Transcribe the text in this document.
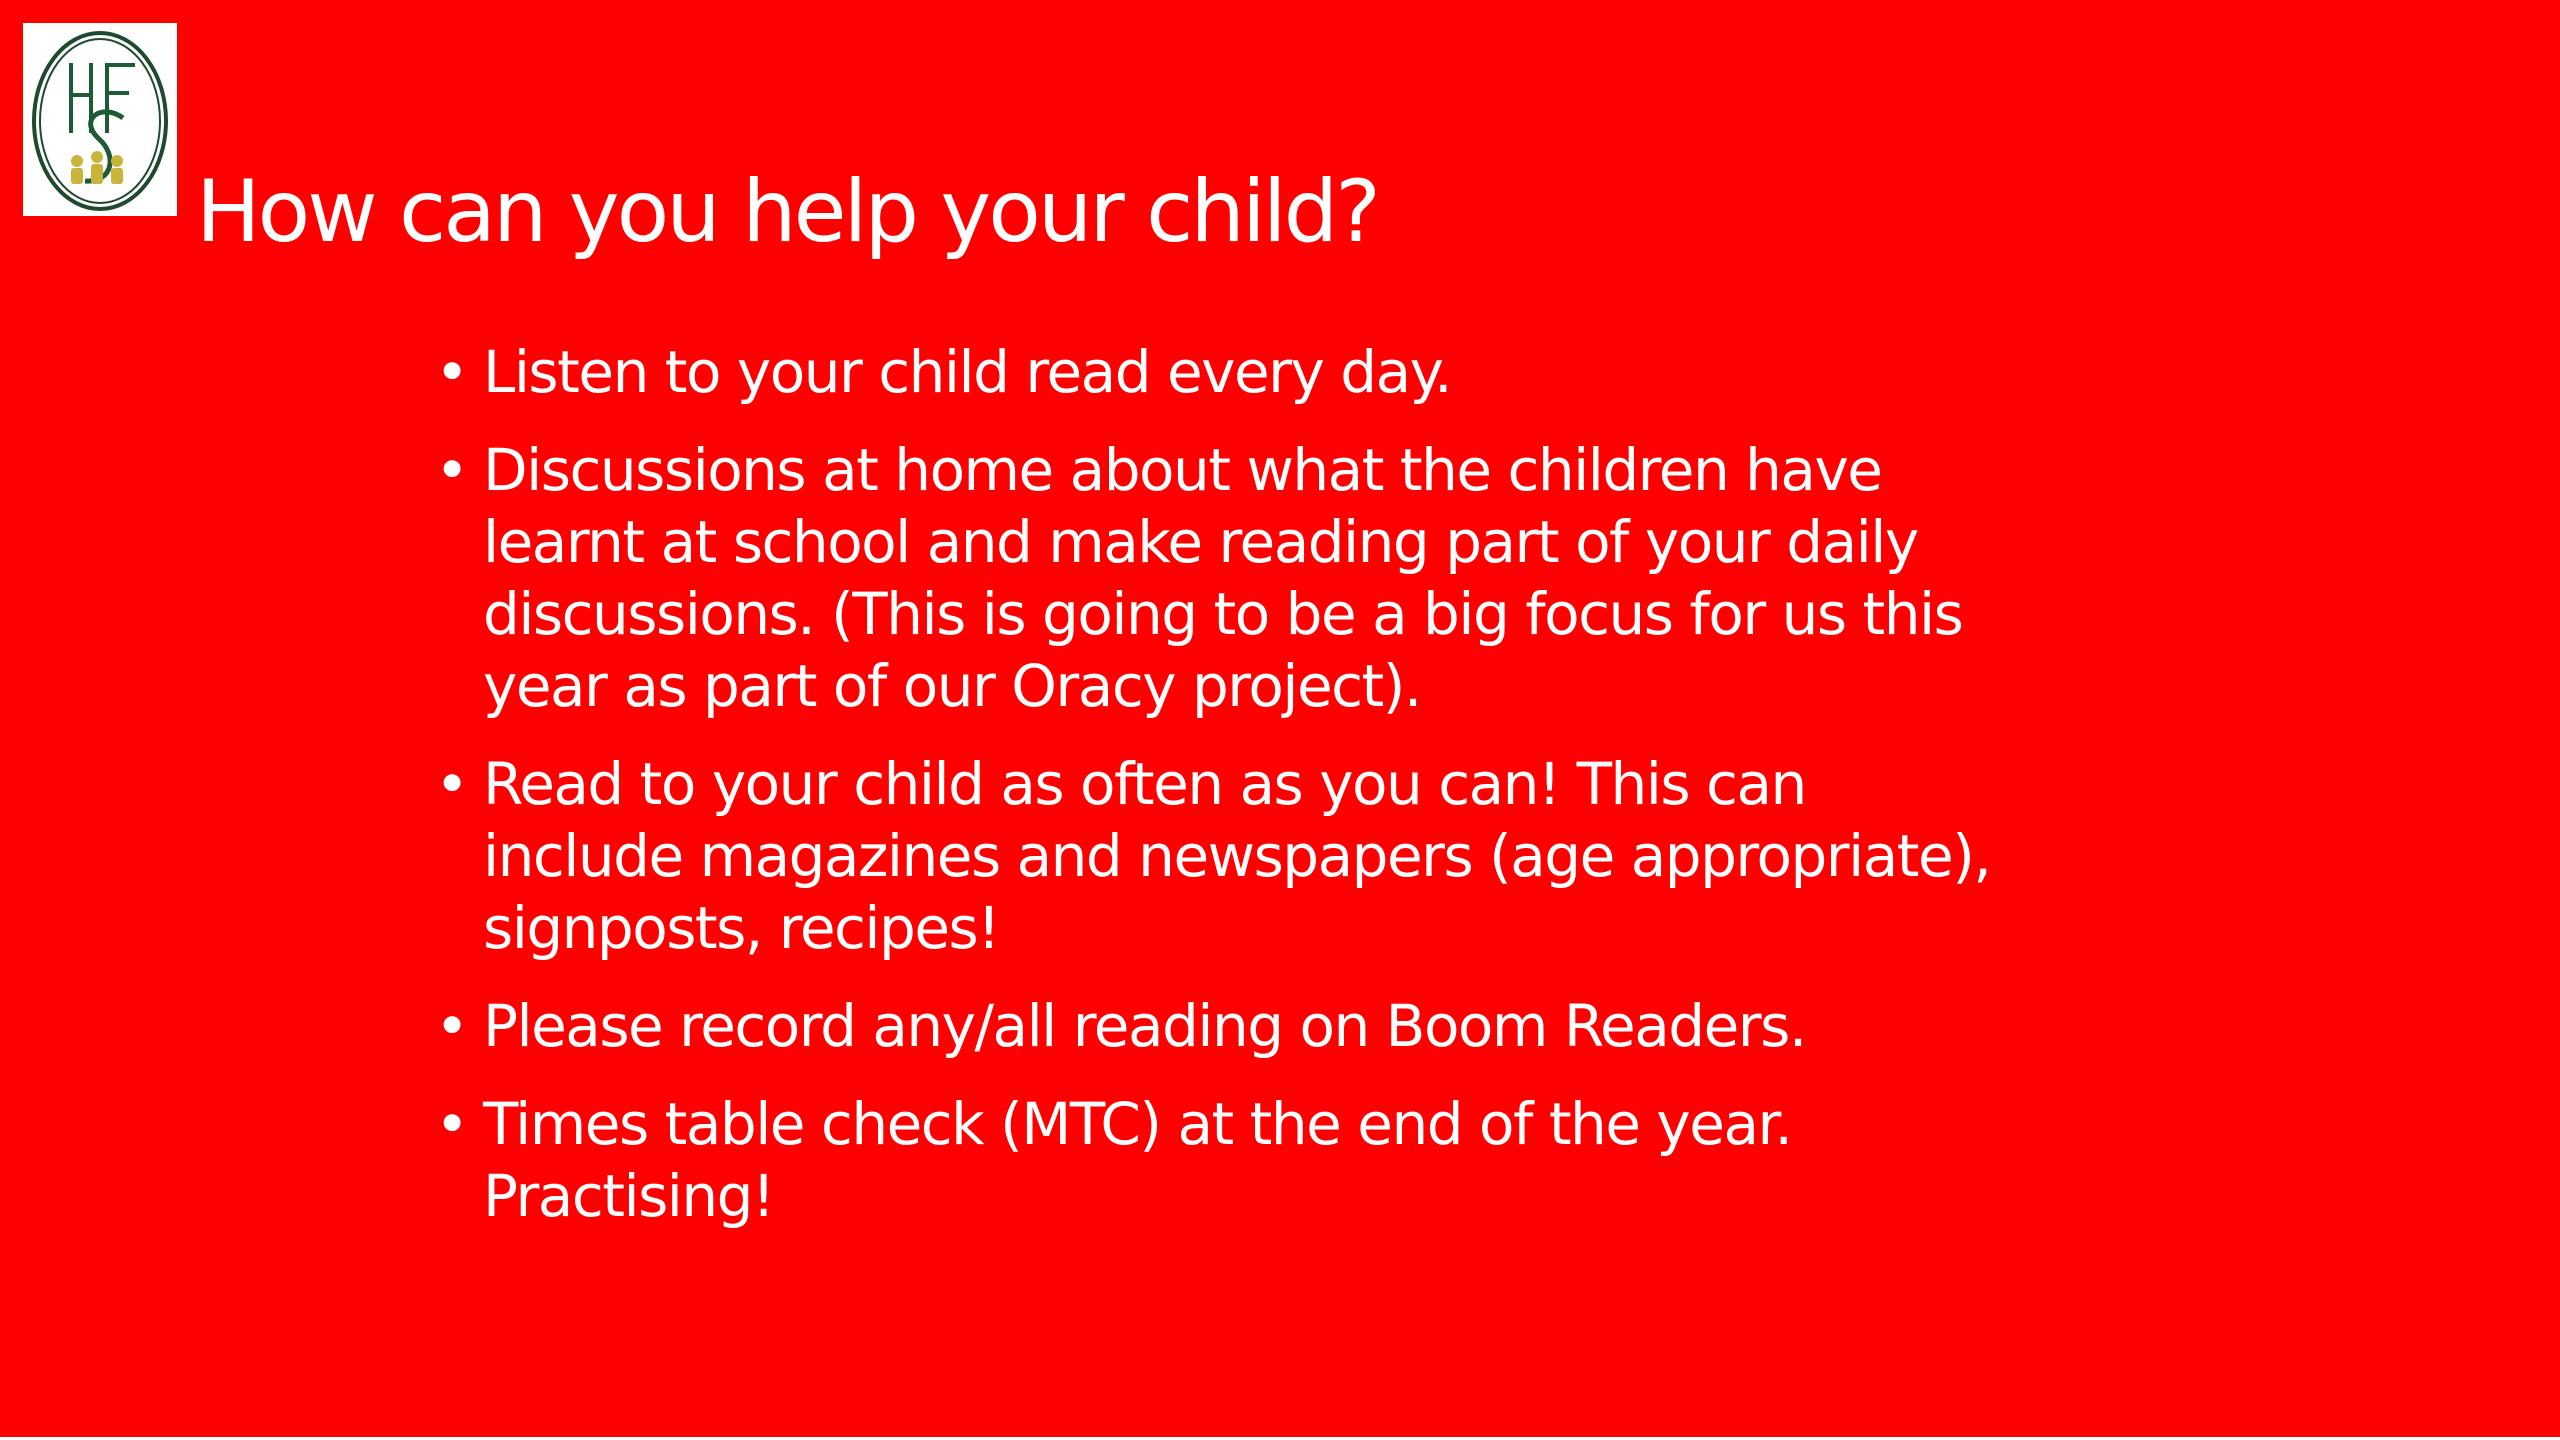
How can you help your child?
• Listen to your child read every day.
• Discussions at home about what the children have
learnt at school and make reading part of your daily
discussions. (This is going to be a big focus for us this
year as part of our Oracy project).
• Read to your child as often as you can! This can
include magazines and newspapers (age appropriate),
signposts, recipes!
• Please record any/all reading on Boom Readers.
• Times table check (MTC) at the end of the year.
Practising!
